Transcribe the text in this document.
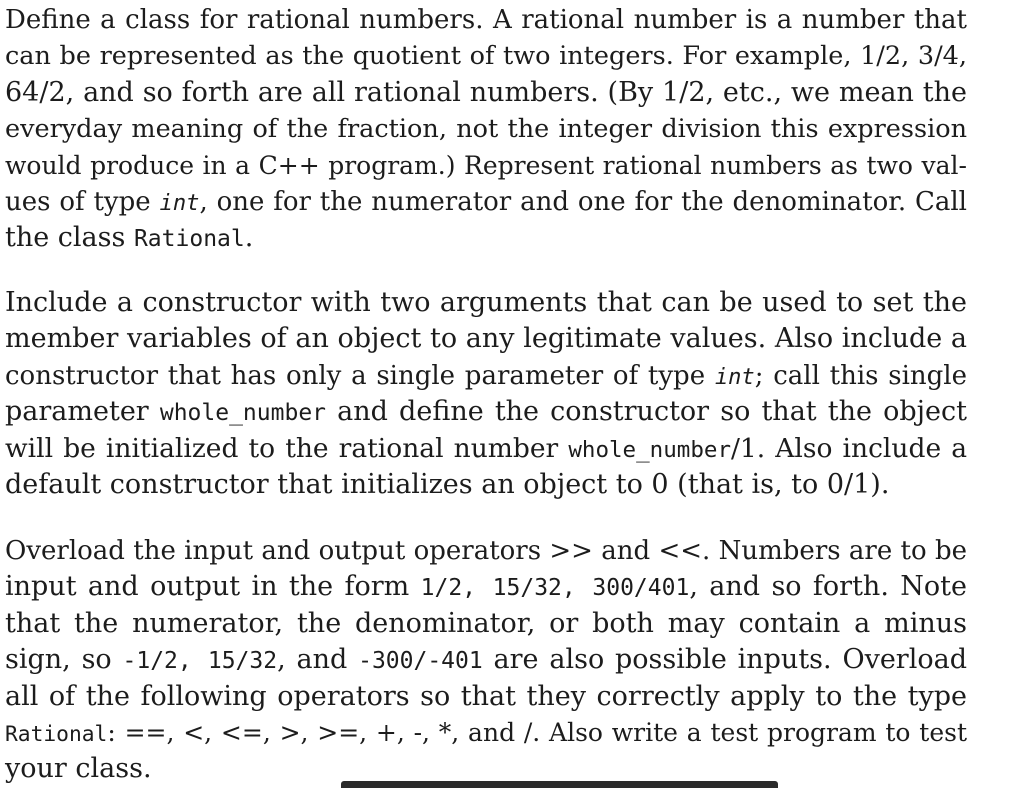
Define a class for rational numbers. A rational number is a number that
can be represented as the quotient of two integers. For example, 1/2, 3/4,
64/2, and so forth are all rational numbers. (By 1/2, etc., we mean the
everyday meaning of the fraction, not the integer division this expression
would produce in a C++ program.) Represent rational numbers as two val-
ues of type int, one for the numerator and one for the denominator. Call
the class Rational.

Include a constructor with two arguments that can be used to set the
member variables of an object to any legitimate values. Also include a
constructor that has only a single parameter of type int; call this single
parameter whole_number and define the constructor so that the object
will be initialized to the rational number whole_number/1. Also include a
default constructor that initializes an object to 0 (that is, to 0/1).

Overload the input and output operators >> and <<. Numbers are to be
input and output in the form 1/2, 15/32, 300/401, and so forth. Note
that the numerator, the denominator, or both may contain a minus
sign, so -1/2, 15/32, and -300/-401 are also possible inputs. Overload
all of the following operators so that they correctly apply to the type
Rational: ==, <, <=, >, >=, +, -, *, and /. Also write a test program to test
your class.
